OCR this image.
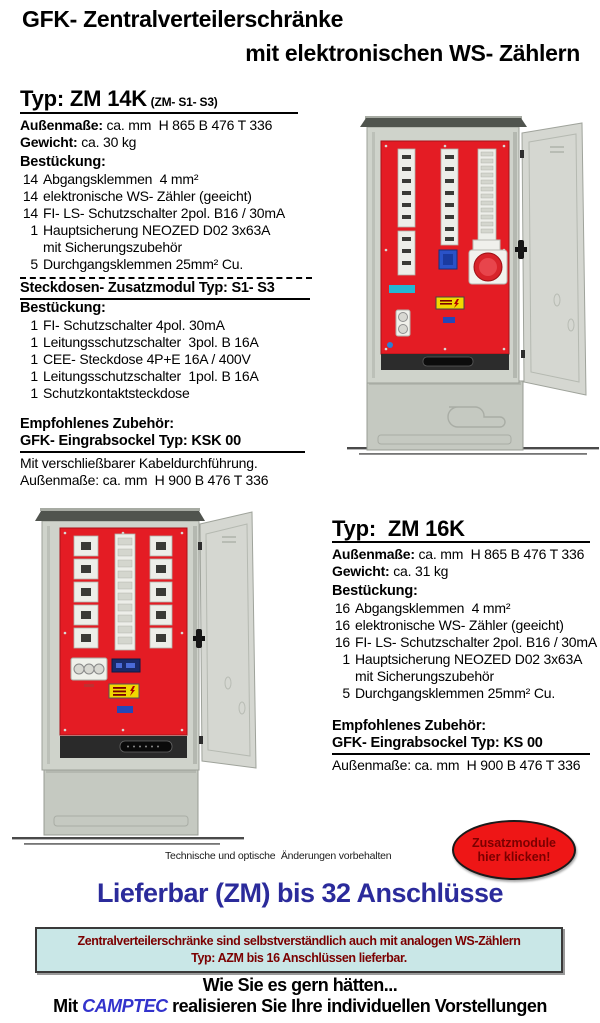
GFK- Zentralverteilerschränke
mit elektronischen WS- Zählern
Typ: ZM 14K (ZM- S1- S3)
Außenmaße: ca. mm  H 865 B 476 T 336
Gewicht: ca. 30 kg
Bestückung:
14 Abgangsklemmen  4 mm²
14 elektronische WS- Zähler (geeicht)
14 FI- LS- Schutzschalter 2pol. B16 / 30mA
1 Hauptsicherung NEOZED D02 3x63A
mit Sicherungszubehör
5 Durchgangsklemmen 25mm² Cu.
Steckdosen- Zusatzmodul Typ: S1- S3
Bestückung:
1 FI- Schutzschalter 4pol. 30mA
1 Leitungsschutzschalter  3pol. B 16A
1 CEE- Steckdose 4P+E 16A / 400V
1 Leitungsschutzschalter  1pol. B 16A
1 Schutzkontaktsteckdose
Empfohlenes Zubehör:
GFK- Eingrabsockel Typ: KSK 00
Mit verschließbarer Kabeldurchführung.
Außenmaße: ca. mm  H 900 B 476 T 336
Typ:  ZM 16K
Außenmaße: ca. mm  H 865 B 476 T 336
Gewicht: ca. 31 kg
Bestückung:
16 Abgangsklemmen  4 mm²
16 elektronische WS- Zähler (geeicht)
16 FI- LS- Schutzschalter 2pol. B16 / 30mA
1 Hauptsicherung NEOZED D02 3x63A
mit Sicherungszubehör
5 Durchgangsklemmen 25mm² Cu.
Empfohlenes Zubehör:
GFK- Eingrabsockel Typ: KS 00
Außenmaße: ca. mm  H 900 B 476 T 336
Technische und optische  Änderungen vorbehalten
Zusatzmodule
hier klicken!
Lieferbar (ZM) bis 32 Anschlüsse
Zentralverteilerschränke sind selbstverständlich auch mit analogen WS-Zählern
Typ: AZM bis 16 Anschlüssen lieferbar.
Wie Sie es gern hätten...
Mit CAMPTEC realisieren Sie Ihre individuellen Vorstellungen
